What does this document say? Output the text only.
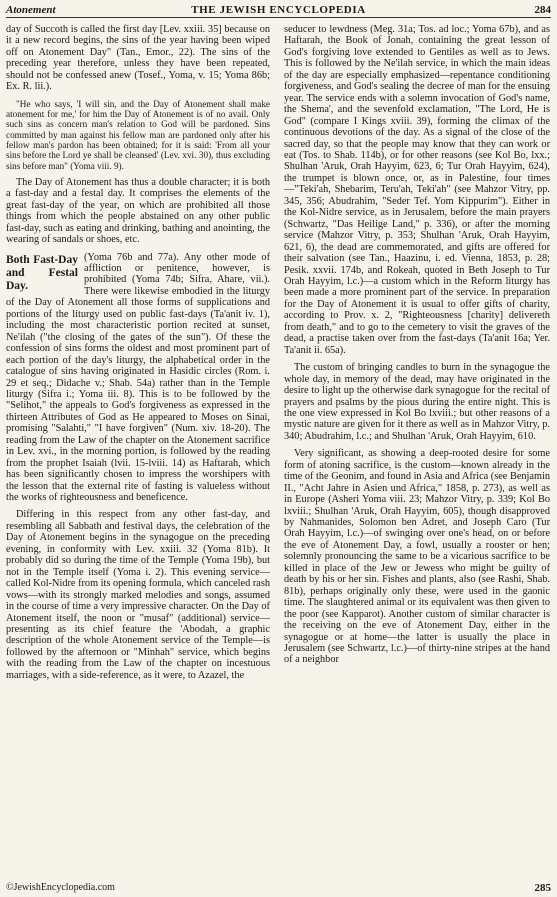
Atonement	THE JEWISH ENCYCLOPEDIA	284

day of Succoth is called the first day [Lev. xxiii. 35] because on it a new record begins, the sins of the year having been wiped off on Atonement Day" (Tan., Emor., 22). The sins of the preceding year therefore, unless they have been repeated, should not be confessed anew (Tosef., Yoma, v. 15; Yoma 86b; Ex. R. lii.).

"He who says, 'I will sin, and the Day of Atonement shall make atonement for me,' for him the Day of Atonement is of no avail. Only such sins as concern man's relation to God will be pardoned. Sins committed by man against his fellow man are pardoned only after his fellow man's pardon has been obtained; for it is said: 'From all your sins before the Lord ye shall be cleansed' (Lev. xvi. 30), thus excluding sins before man" (Yoma viii. 9).

The Day of Atonement has thus a double character; it is both a fast-day and a festal day. It comprises the elements of the great fast-day of the year, on which are prohibited all those things from which the people abstained on any other public fast-day, such as eating and drinking, bathing and anointing, the wearing of sandals or shoes, etc.

Both Fast-Day and Festal Day.
(Yoma 76b and 77a). Any other mode of affliction or penitence, however, is prohibited (Yoma 74b; Sifra, Ahare, vii.). There were likewise embodied in the liturgy of the Day of Atonement all those forms of supplications and portions of the liturgy used on public fast-days (Ta'anit iv. 1), including the most characteristic portion recited at sunset, Ne'ilah ("the closing of the gates of the sun"). Of these the confession of sins forms the oldest and most prominent part of each portion of the day's liturgy, the alphabetical order in the catalogue of sins having originated in Hasidic circles (Rom. i. 29 et seq.; Didache v.; Shab. 54a) rather than in the Temple liturgy (Sifra i.; Yoma iii. 8). This is to be followed by the "Selihot," the appeals to God's forgiveness as expressed in the thirteen Attributes of God as He appeared to Moses on Sinai, promising "Salahti," "I have forgiven" (Num. xiv. 18-20). The reading from the Law of the chapter on the Atonement sacrifice in Lev. xvi., in the morning portion, is followed by the reading from the prophet Isaiah (lvii. 15-lviii. 14) as Haftarah, which has been significantly chosen to impress the worshipers with the lesson that the external rite of fasting is valueless without the works of righteousness and beneficence.

Differing in this respect from any other fast-day, and resembling all Sabbath and festival days, the celebration of the Day of Atonement begins in the synagogue on the preceding evening, in conformity with Lev. xxiii. 32 (Yoma 81b). It probably did so during the time of the Temple (Yoma 19b), but not in the Temple itself (Yoma i. 2). This evening service—called Kol-Nidre from its opening formula, which canceled rash vows—with its strongly marked melodies and songs, assumed in the course of time a very impressive character. On the Day of Atonement itself, the noon or "musaf" (additional) service—presenting as its chief feature the 'Abodah, a graphic description of the whole Atonement service of the Temple—is followed by the afternoon or "Minhah" service, which begins with the reading from the Law of the chapter on incestuous marriages, with a side-reference, as it were, to Azazel, the

seducer to lewdness (Meg. 31a; Tos. ad loc.; Yoma 67b), and as Haftarah, the Book of Jonah, containing the great lesson of God's forgiving love extended to Gentiles as well as to Jews. This is followed by the Ne'ilah service, in which the main ideas of the day are especially emphasized—repentance conditioning forgiveness, and God's sealing the decree of man for the ensuing year. The service ends with a solemn invocation of God's name, the Shema', and the sevenfold exclamation, "The Lord, He is God" (compare I Kings xviii. 39), forming the climax of the continuous devotions of the day. As a signal of the close of the sacred day, so that the people may know that they can work or eat (Tos. to Shab. 114b), or for other reasons (see Kol Bo, lxx.; Shulhan 'Aruk, Orah Hayyim, 623, 6; Tur Orah Hayyim, 624), the trumpet is blown once, or, as in Palestine, four times—"Teki'ah, Shebarim, Teru'ah, Teki'ah" (see Mahzor Vitry, pp. 345, 356; Abudrahim, "Seder Tef. Yom Kippurim"). Either in the Kol-Nidre service, as in Jerusalem, before the main prayers (Schwartz, "Das Heilige Land," p. 336), or after the morning service (Mahzor Vitry, p. 353; Shulhan 'Aruk, Orah Hayyim, 621, 6), the dead are commemorated, and gifts are offered for their salvation (see Tan., Haazinu, i. ed. Vienna, 1853, p. 28; Pesik. xxvii. 174b, and Rokeah, quoted in Beth Joseph to Tur Orah Hayyim, l.c.)—a custom which in the Reform liturgy has been made a more prominent part of the service. In preparation for the Day of Atonement it is usual to offer gifts of charity, according to Prov. x. 2, "Righteousness [charity] delivereth from death," and to go to the cemetery to visit the graves of the dead, a practise taken over from the fast-days (Ta'anit 16a; Yer. Ta'anit ii. 65a).

The custom of bringing candles to burn in the synagogue the whole day, in memory of the dead, may have originated in the desire to light up the otherwise dark synagogue for the recital of prayers and psalms by the pious during the entire night. This is the one view expressed in Kol Bo lxviii.; but other reasons of a mystic nature are given for it there as well as in Mahzor Vitry, p. 340; Abudrahim, l.c.; and Shulhan 'Aruk, Orah Hayyim, 610.

Very significant, as showing a deep-rooted desire for some form of atoning sacrifice, is the custom—known already in the time of the Geonim, and found in Asia and Africa (see Benjamin II., "Acht Jahre in Asien und Africa," 1858, p. 273), as well as in Europe (Asheri Yoma viii. 23; Mahzor Vitry, p. 339; Kol Bo lxviii.; Shulhan 'Aruk, Orah Hayyim, 605), though disapproved by Nahmanides, Solomon ben Adret, and Joseph Caro (Tur Orah Hayyim, l.c.)—of swinging over one's head, on or before the eve of Atonement Day, a fowl, usually a rooster or hen; solemnly pronouncing the same to be a vicarious sacrifice to be killed in place of the Jew or Jewess who might be guilty of death by his or her sin. Fishes and plants, also (see Rashi, Shab. 81b), perhaps originally only these, were used in the gaonic time. The slaughtered animal or its equivalent was then given to the poor (see Kapparot). Another custom of similar character is the receiving on the eve of Atonement Day, either in the synagogue or at home—the latter is usually the place in Jerusalem (see Schwartz, l.c.)—of thirty-nine stripes at the hand of a neighbor

©JewishEncyclopedia.com	285
